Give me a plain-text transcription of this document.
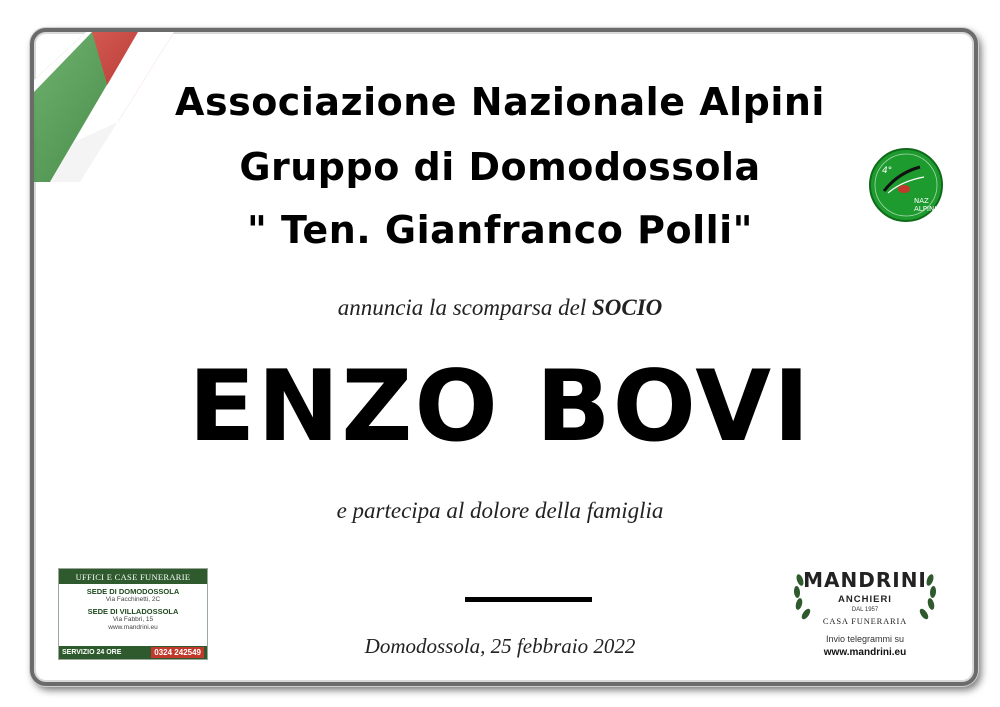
Associazione Nazionale Alpini
Gruppo di Domodossola
" Ten. Gianfranco Polli"
4°
NAZ
ALPINI
annuncia la scomparsa del SOCIO
ENZO BOVI
e partecipa al dolore della famiglia
Domodossola, 25 febbraio 2022
UFFICI E CASE FUNERARIE
SEDE DI DOMODOSSOLA
Via Facchinetti, 2C
SEDE DI VILLADOSSOLA
Via Fabbri, 15
www.mandrini.eu
SERVIZIO 24 ORE	0324 242549
MANDRINI
ANCHIERI
DAL 1957
CASA FUNERARIA
Invio telegrammi su
www.mandrini.eu
